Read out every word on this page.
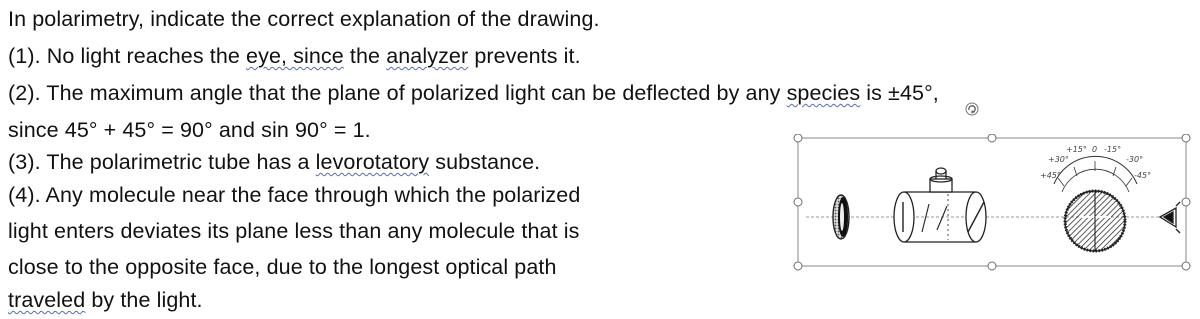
In polarimetry, indicate the correct explanation of the drawing.
(1). No light reaches the eye, since the analyzer prevents it.
(2). The maximum angle that the plane of polarized light can be deflected by any species is ±45°,
since 45° + 45° = 90° and sin 90° = 1.
(3). The polarimetric tube has a levorotatory substance.
(4). Any molecule near the face through which the polarized
light enters deviates its plane less than any molecule that is
close to the opposite face, due to the longest optical path
traveled by the light.
+15° 0 -15°
+30°	-30°
+45°	-45°
